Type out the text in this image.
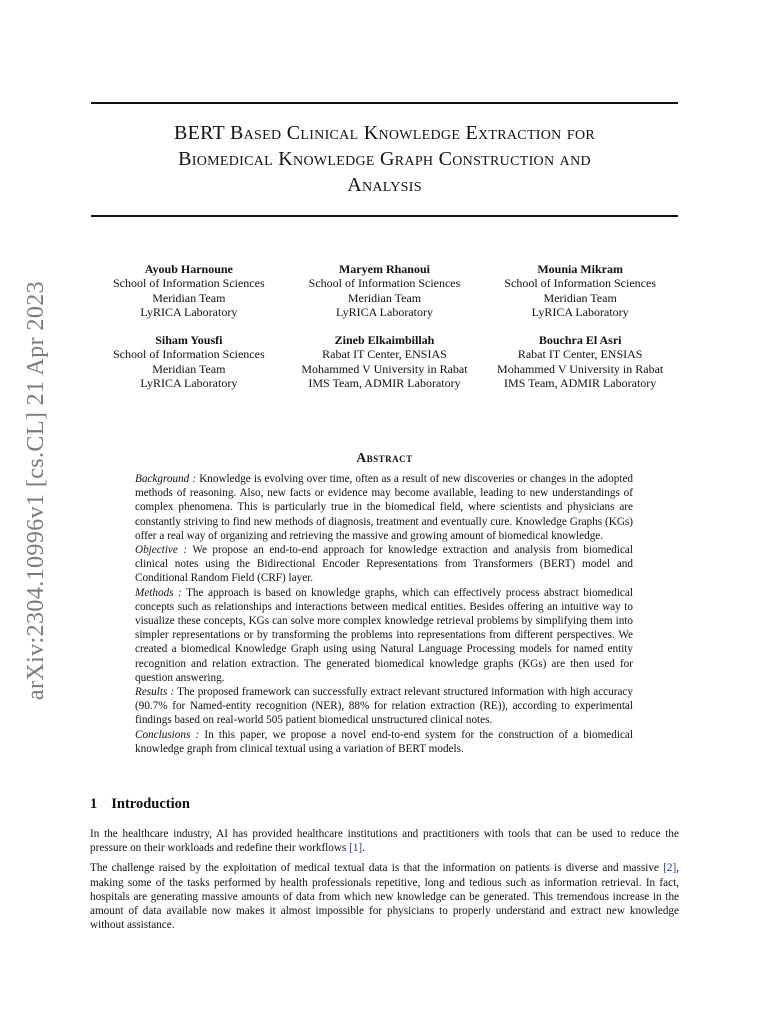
arXiv:2304.10996v1 [cs.CL] 21 Apr 2023
BERT Based Clinical Knowledge Extraction for
Biomedical Knowledge Graph Construction and
Analysis
Ayoub Harnoune
School of Information Sciences
Meridian Team
LyRICA Laboratory
Maryem Rhanoui
School of Information Sciences
Meridian Team
LyRICA Laboratory
Mounia Mikram
School of Information Sciences
Meridian Team
LyRICA Laboratory
Siham Yousfi
School of Information Sciences
Meridian Team
LyRICA Laboratory
Zineb Elkaimbillah
Rabat IT Center, ENSIAS
Mohammed V University in Rabat
IMS Team, ADMIR Laboratory
Bouchra El Asri
Rabat IT Center, ENSIAS
Mohammed V University in Rabat
IMS Team, ADMIR Laboratory
Abstract

Background : Knowledge is evolving over time, often as a result of new discoveries or changes in the adopted methods of reasoning. Also, new facts or evidence may become available, leading to new understandings of complex phenomena. This is particularly true in the biomedical field, where scientists and physicians are constantly striving to find new methods of diagnosis, treatment and eventually cure. Knowledge Graphs (KGs) offer a real way of organizing and retrieving the massive and growing amount of biomedical knowledge.

Objective : We propose an end-to-end approach for knowledge extraction and analysis from biomedical clinical notes using the Bidirectional Encoder Representations from Transformers (BERT) model and Conditional Random Field (CRF) layer.

Methods : The approach is based on knowledge graphs, which can effectively process abstract biomedical concepts such as relationships and interactions between medical entities. Besides offering an intuitive way to visualize these concepts, KGs can solve more complex knowledge retrieval problems by simplifying them into simpler representations or by transforming the problems into representations from different perspectives. We created a biomedical Knowledge Graph using using Natural Language Processing models for named entity recognition and relation extraction. The generated biomedical knowledge graphs (KGs) are then used for question answering.

Results : The proposed framework can successfully extract relevant structured information with high accuracy (90.7% for Named-entity recognition (NER), 88% for relation extraction (RE)), according to experimental findings based on real-world 505 patient biomedical unstructured clinical notes.

Conclusions : In this paper, we propose a novel end-to-end system for the construction of a biomedical knowledge graph from clinical textual using a variation of BERT models.

1 Introduction

In the healthcare industry, AI has provided healthcare institutions and practitioners with tools that can be used to reduce the pressure on their workloads and redefine their workflows [1].

The challenge raised by the exploitation of medical textual data is that the information on patients is diverse and massive [2], making some of the tasks performed by health professionals repetitive, long and tedious such as information retrieval. In fact, hospitals are generating massive amounts of data from which new knowledge can be generated. This tremendous increase in the amount of data available now makes it almost impossible for physicians to properly understand and extract new knowledge without assistance.
